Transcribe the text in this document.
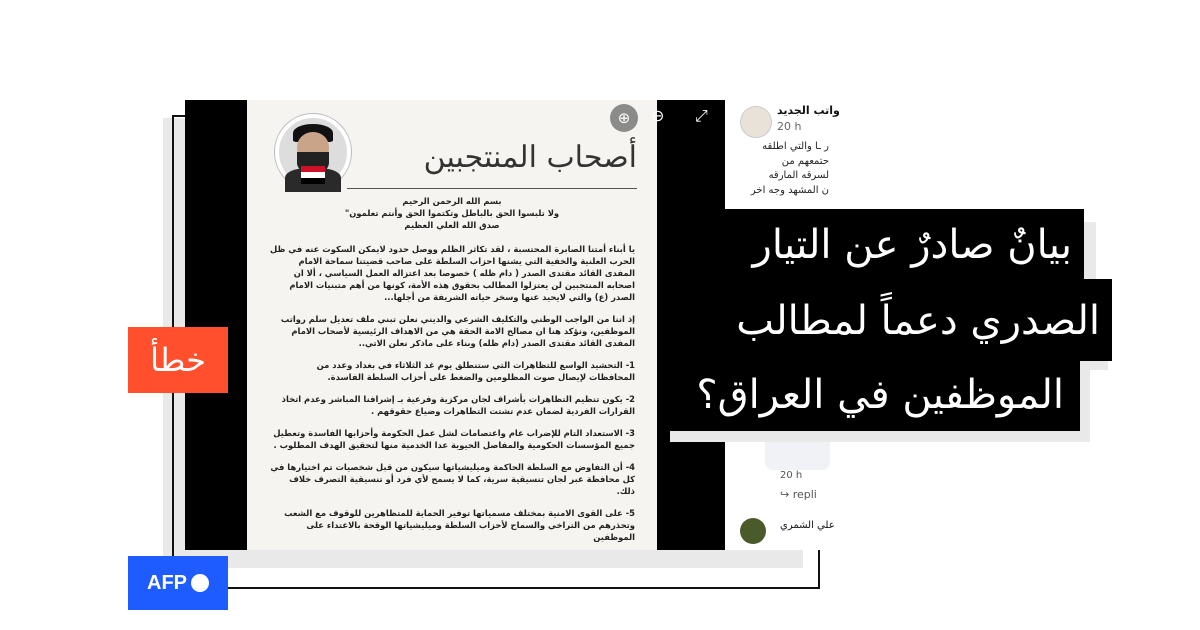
أصحاب المنتجبين

بسم الله الرحمن الرحيم

ولا تلبسوا الحق بالباطل وتكتموا الحق وأنتم تعلمون"

صدق الله العلي العظيم

يا أبناء أمتنا الصابرة المحتسبة ، لقد تكاثر الظلم ووصل حدود لايمكن السكوت عنه في ظل الحرب العلنية والخفية التي يشنها احزاب السلطة على صاحب قضيتنا سماحة الامام المفدى القائد مقتدى الصدر ( دام ظله ) خصوصا بعد اعتزاله العمل السياسي ، ألا ان اصحابه المنتجبين لن يعتزلوا المطالب بحقوق هذه الأمة، كونها من أهم متبنيات الامام الصدر (ع) والتي لايحيد عنها وسخر حياته الشريفة من أجلها...

إذ اننا من الواجب الوطني والتكليف الشرعي والديني نعلن تبني ملف تعديل سلم رواتب الموظفين، ونؤكد هنا ان مصالح الامة الحقة هي من الاهداف الرئيسية لأصحاب الامام المفدى القائد مقتدى الصدر (دام ظله) وبناء على ماذكر نعلن الاتي..

1- التحشيد الواسع للتظاهرات التي ستنطلق يوم غد الثلاثاء في بغداد وعدد من المحافظات لإيصال صوت المظلومين والضغط على أحزاب السلطة الفاسدة.

2- يكون تنظيم التظاهرات بأشراف لجان مركزية وفرعية بـ إشرافنا المباشر وعدم اتخاذ القرارات الفردية لضمان عدم تشتت التظاهرات وضياع حقوقهم .

3- الاستعداد التام للإضراب عام واعتصامات لشل عمل الحكومة وأحزابها الفاسدة وتعطيل جميع المؤسسات الحكومية والمفاصل الحيوية عدا الخدمية منها لتحقيق الهدف المطلوب .

4- أن التفاوض مع السلطة الحاكمة وميليشياتها سيكون من قبل شخصيات تم اختيارها في كل محافظة عبر لجان تنسيقية سرية، كما لا يسمح لأي فرد أو تنسيقية التصرف خلاف ذلك.

5- على القوى الامنية بمختلف مسمياتها توفير الحماية للمتظاهرين للوقوف مع الشعب وتحذرهم من التراخي والسماح لأحزاب السلطة وميليشياتها الوقحة بالاعتداء على الموظفين

⊕	⊖ ⤢	واتب الجديد
20 h
ر ـا والتي اطلقه
حتمعهم من
لسرقه المارقه
ن المشهد وجه اخر
20 h
↪ repli
علي الشمري
بيانٌ صادرٌ عن التيار
الصدري دعماً لمطالب
الموظفين في العراق؟
خطأ
AFP
